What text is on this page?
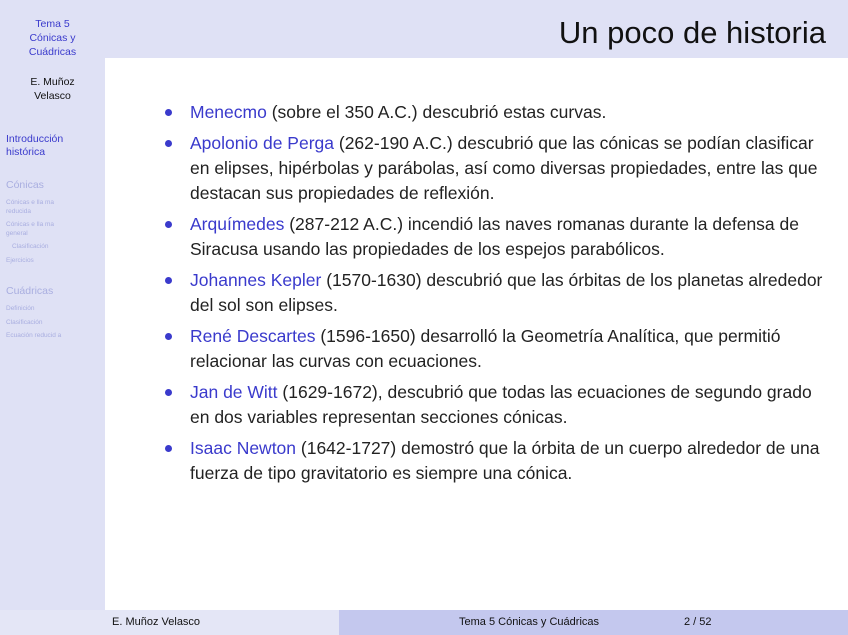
Tema 5
Cónicas y
Cuádricas
E. Muñoz
Velasco
Introducción
histórica
Cónicas
Cónicas e lla ma
reducida
Cónicas e lla ma
general
Clasificación
Ejercicios
Cuádricas
Definición
Clasificación
Ecuación reducid a
Un poco de historia
Menecmo (sobre el 350 A.C.) descubrió estas curvas.
Apolonio de Perga (262-190 A.C.) descubrió que las cónicas se podían clasificar en elipses, hipérbolas y parábolas, así como diversas propiedades, entre las que destacan sus propiedades de reflexión.
Arquímedes (287-212 A.C.) incendió las naves romanas durante la defensa de Siracusa usando las propiedades de los espejos parabólicos.
Johannes Kepler (1570-1630) descubrió que las órbitas de los planetas alrededor del sol son elipses.
René Descartes (1596-1650) desarrolló la Geometría Analítica, que permitió relacionar las curvas con ecuaciones.
Jan de Witt (1629-1672), descubrió que todas las ecuaciones de segundo grado en dos variables representan secciones cónicas.
Isaac Newton (1642-1727) demostró que la órbita de un cuerpo alrededor de una fuerza de tipo gravitatorio es siempre una cónica.
E. Muñoz Velasco	Tema 5 Cónicas y Cuádricas	2 / 52
